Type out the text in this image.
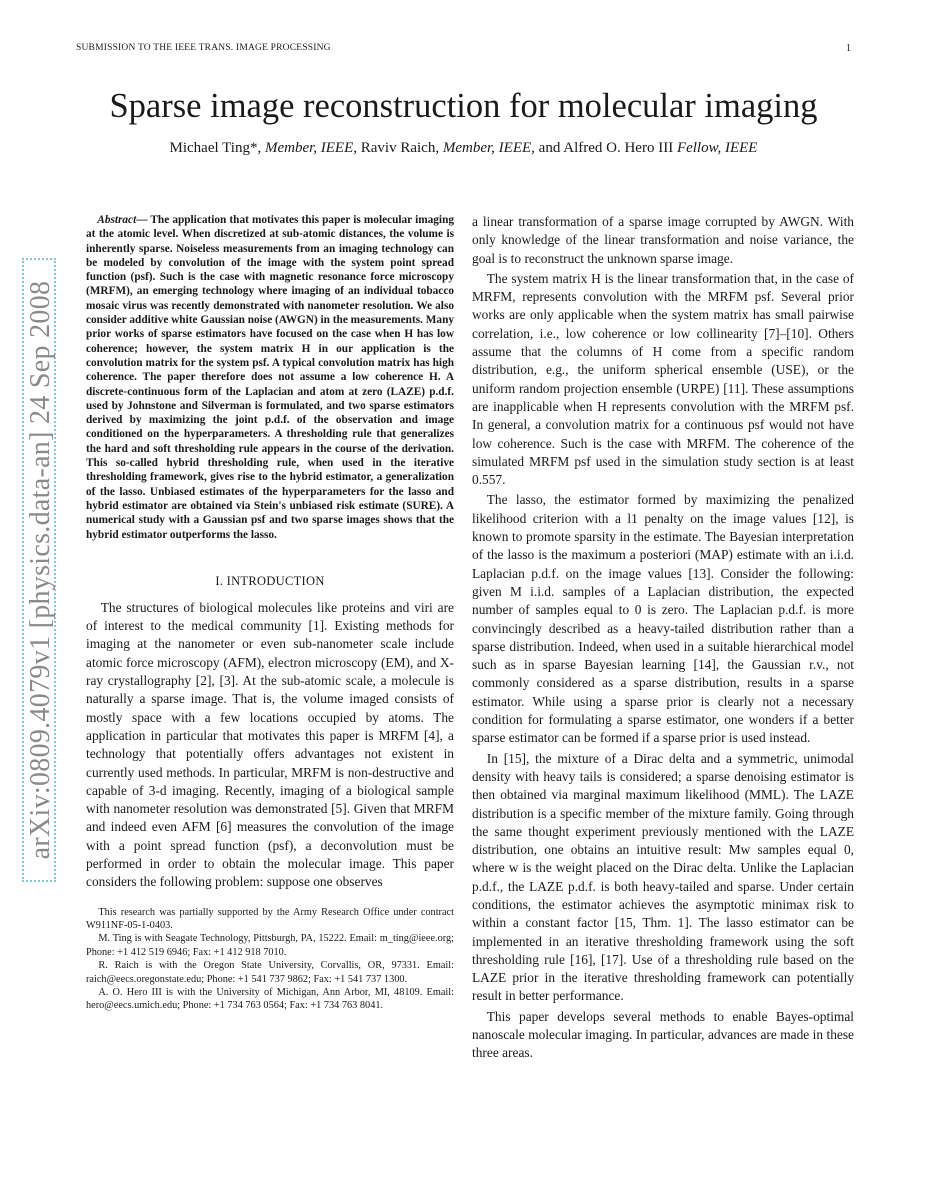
SUBMISSION TO THE IEEE TRANS. IMAGE PROCESSING	1
arXiv:0809.4079v1 [physics.data-an] 24 Sep 2008
Sparse image reconstruction for molecular imaging
Michael Ting*, Member, IEEE, Raviv Raich, Member, IEEE, and Alfred O. Hero III Fellow, IEEE

Abstract— The application that motivates this paper is molecular imaging at the atomic level. When discretized at sub-atomic distances, the volume is inherently sparse. Noiseless measurements from an imaging technology can be modeled by convolution of the image with the system point spread function (psf). Such is the case with magnetic resonance force microscopy (MRFM), an emerging technology where imaging of an individual tobacco mosaic virus was recently demonstrated with nanometer resolution. We also consider additive white Gaussian noise (AWGN) in the measurements. Many prior works of sparse estimators have focused on the case when H has low coherence; however, the system matrix H in our application is the convolution matrix for the system psf. A typical convolution matrix has high coherence. The paper therefore does not assume a low coherence H. A discrete-continuous form of the Laplacian and atom at zero (LAZE) p.d.f. used by Johnstone and Silverman is formulated, and two sparse estimators derived by maximizing the joint p.d.f. of the observation and image conditioned on the hyperparameters. A thresholding rule that generalizes the hard and soft thresholding rule appears in the course of the derivation. This so-called hybrid thresholding rule, when used in the iterative thresholding framework, gives rise to the hybrid estimator, a generalization of the lasso. Unbiased estimates of the hyperparameters for the lasso and hybrid estimator are obtained via Stein's unbiased risk estimate (SURE). A numerical study with a Gaussian psf and two sparse images shows that the hybrid estimator outperforms the lasso.

I. INTRODUCTION

The structures of biological molecules like proteins and viri are of interest to the medical community [1]. Existing methods for imaging at the nanometer or even sub-nanometer scale include atomic force microscopy (AFM), electron microscopy (EM), and X-ray crystallography [2], [3]. At the sub-atomic scale, a molecule is naturally a sparse image. That is, the volume imaged consists of mostly space with a few locations occupied by atoms. The application in particular that motivates this paper is MRFM [4], a technology that potentially offers advantages not existent in currently used methods. In particular, MRFM is non-destructive and capable of 3-d imaging. Recently, imaging of a biological sample with nanometer resolution was demonstrated [5]. Given that MRFM and indeed even AFM [6] measures the convolution of the image with a point spread function (psf), a deconvolution must be performed in order to obtain the molecular image. This paper considers the following problem: suppose one observes

This research was partially supported by the Army Research Office under contract W911NF-05-1-0403.

M. Ting is with Seagate Technology, Pittsburgh, PA, 15222. Email: m_ting@ieee.org; Phone: +1 412 519 6946; Fax: +1 412 918 7010.

R. Raich is with the Oregon State University, Corvallis, OR, 97331. Email: raich@eecs.oregonstate.edu; Phone: +1 541 737 9862; Fax: +1 541 737 1300.

A. O. Hero III is with the University of Michigan, Ann Arbor, MI, 48109. Email: hero@eecs.umich.edu; Phone: +1 734 763 0564; Fax: +1 734 763 8041.

a linear transformation of a sparse image corrupted by AWGN. With only knowledge of the linear transformation and noise variance, the goal is to reconstruct the unknown sparse image.

The system matrix H is the linear transformation that, in the case of MRFM, represents convolution with the MRFM psf. Several prior works are only applicable when the system matrix has small pairwise correlation, i.e., low coherence or low collinearity [7]–[10]. Others assume that the columns of H come from a specific random distribution, e.g., the uniform spherical ensemble (USE), or the uniform random projection ensemble (URPE) [11]. These assumptions are inapplicable when H represents convolution with the MRFM psf. In general, a convolution matrix for a continuous psf would not have low coherence. Such is the case with MRFM. The coherence of the simulated MRFM psf used in the simulation study section is at least 0.557.

The lasso, the estimator formed by maximizing the penalized likelihood criterion with a l1 penalty on the image values [12], is known to promote sparsity in the estimate. The Bayesian interpretation of the lasso is the maximum a posteriori (MAP) estimate with an i.i.d. Laplacian p.d.f. on the image values [13]. Consider the following: given M i.i.d. samples of a Laplacian distribution, the expected number of samples equal to 0 is zero. The Laplacian p.d.f. is more convincingly described as a heavy-tailed distribution rather than a sparse distribution. Indeed, when used in a suitable hierarchical model such as in sparse Bayesian learning [14], the Gaussian r.v., not commonly considered as a sparse distribution, results in a sparse estimator. While using a sparse prior is clearly not a necessary condition for formulating a sparse estimator, one wonders if a better sparse estimator can be formed if a sparse prior is used instead.

In [15], the mixture of a Dirac delta and a symmetric, unimodal density with heavy tails is considered; a sparse denoising estimator is then obtained via marginal maximum likelihood (MML). The LAZE distribution is a specific member of the mixture family. Going through the same thought experiment previously mentioned with the LAZE distribution, one obtains an intuitive result: Mw samples equal 0, where w is the weight placed on the Dirac delta. Unlike the Laplacian p.d.f., the LAZE p.d.f. is both heavy-tailed and sparse. Under certain conditions, the estimator achieves the asymptotic minimax risk to within a constant factor [15, Thm. 1]. The lasso estimator can be implemented in an iterative thresholding framework using the soft thresholding rule [16], [17]. Use of a thresholding rule based on the LAZE prior in the iterative thresholding framework can potentially result in better performance.

This paper develops several methods to enable Bayes-optimal nanoscale molecular imaging. In particular, advances are made in these three areas.
